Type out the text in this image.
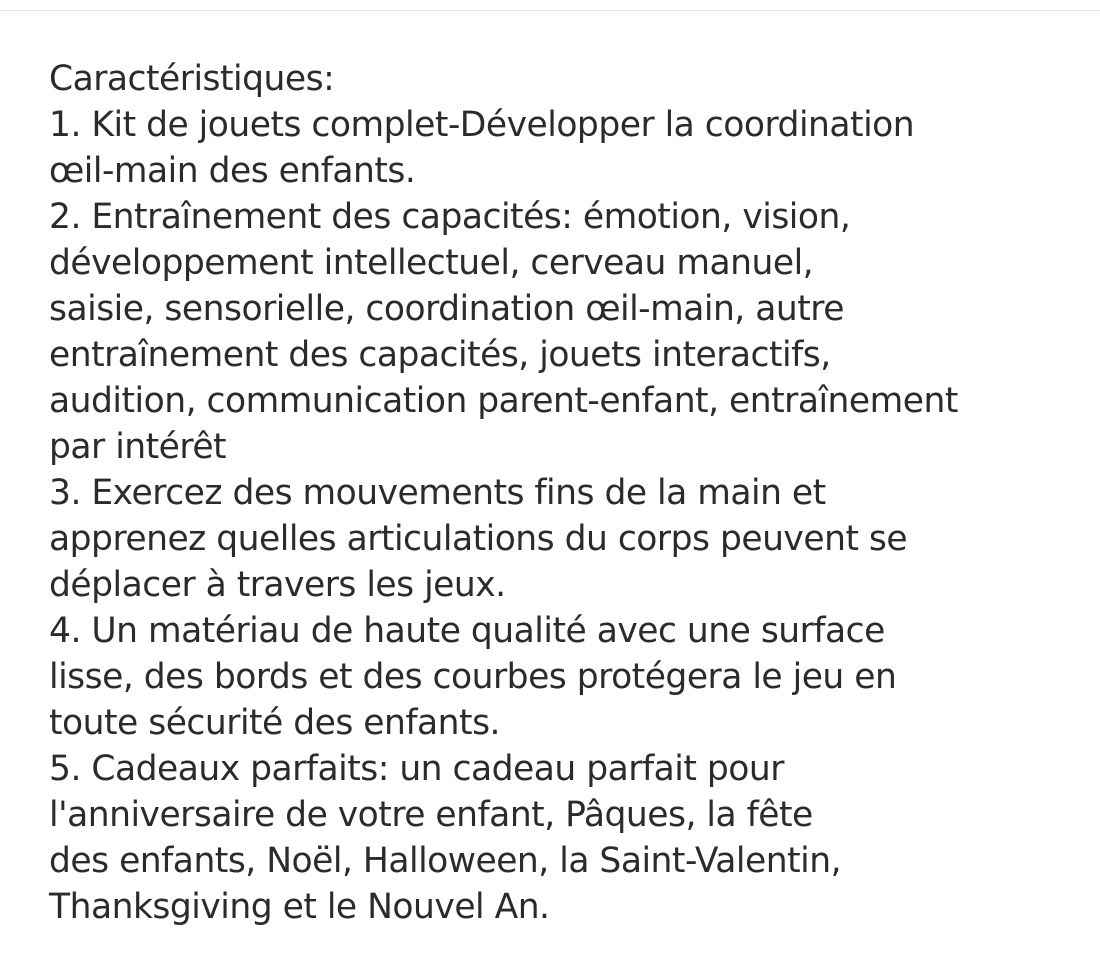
Caractéristiques:
1. Kit de jouets complet-Développer la coordination
œil-main des enfants.
2. Entraînement des capacités: émotion, vision,
développement intellectuel, cerveau manuel,
saisie, sensorielle, coordination œil-main, autre
entraînement des capacités, jouets interactifs,
audition, communication parent-enfant, entraînement
par intérêt
3. Exercez des mouvements fins de la main et
apprenez quelles articulations du corps peuvent se
déplacer à travers les jeux.
4. Un matériau de haute qualité avec une surface
lisse, des bords et des courbes protégera le jeu en
toute sécurité des enfants.
5. Cadeaux parfaits: un cadeau parfait pour
l'anniversaire de votre enfant, Pâques, la fête
des enfants, Noël, Halloween, la Saint-Valentin,
Thanksgiving et le Nouvel An.
